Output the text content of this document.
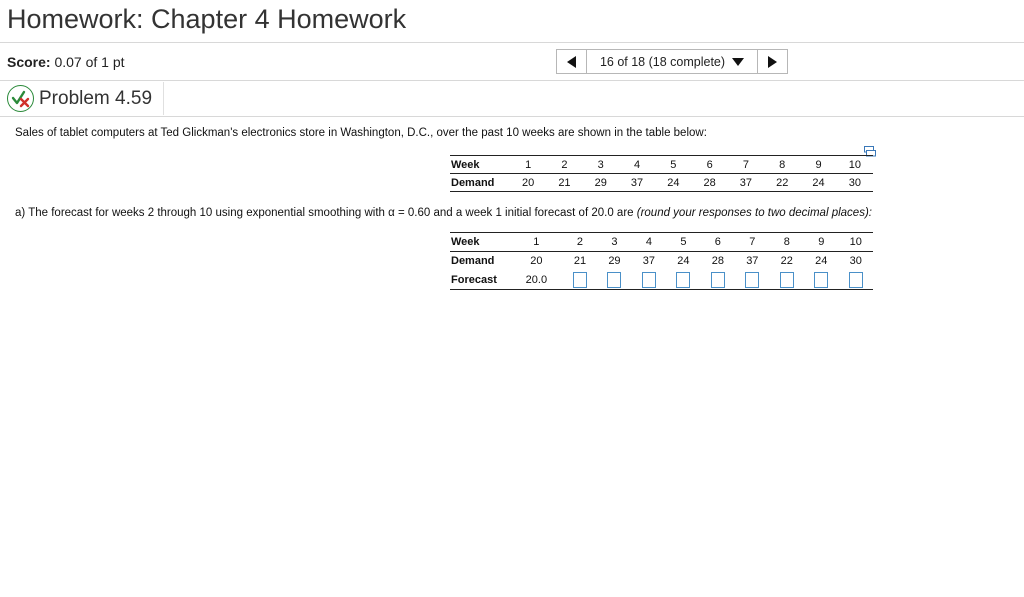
Homework: Chapter 4 Homework
Score: 0.07 of 1 pt	16 of 18 (18 complete)
Problem 4.59

Sales of tablet computers at Ted Glickman's electronics store in Washington, D.C., over the past 10 weeks are shown in the table below:

Week	1	2	3	4	5	6	7	8	9	10
Demand	20	21	29	37	24	28	37	22	24	30

a) The forecast for weeks 2 through 10 using exponential smoothing with α = 0.60 and a week 1 initial forecast of 20.0 are (round your responses to two decimal places):

Week	1	2	3	4	5	6	7	8	9	10
Demand	20	21	29	37	24	28	37	22	24	30
Forecast	20.0									
